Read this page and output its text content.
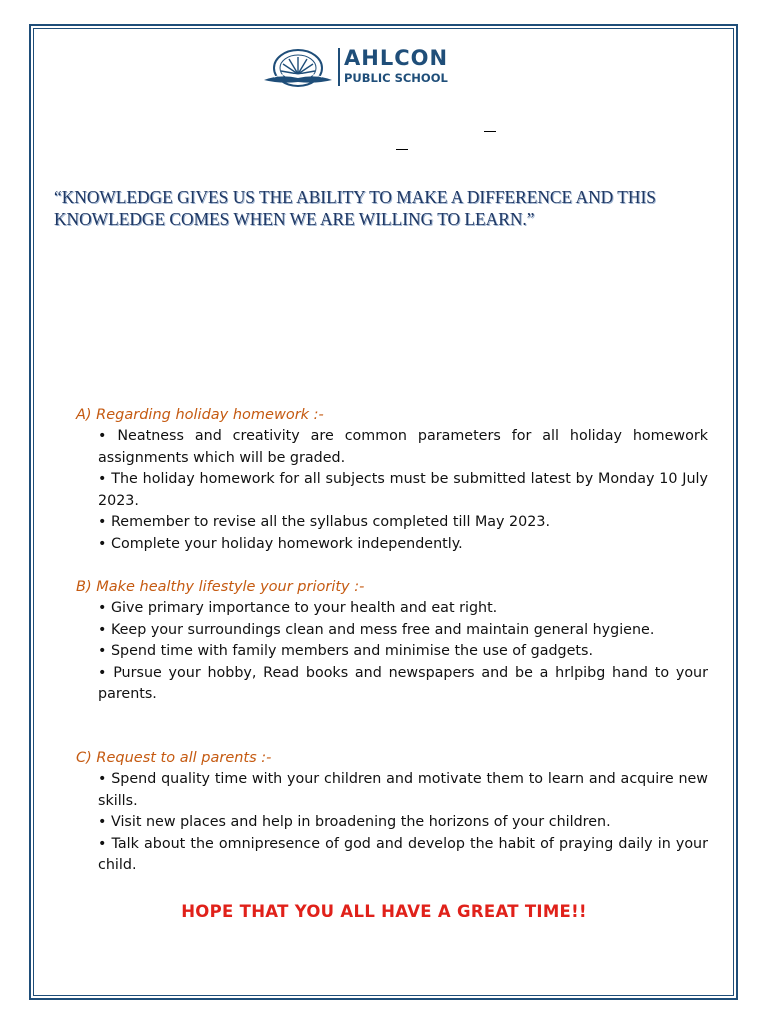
AHLCON
PUBLIC SCHOOL

“KNOWLEDGE GIVES US THE ABILITY TO MAKE A DIFFERENCE AND THIS KNOWLEDGE COMES WHEN WE ARE WILLING TO LEARN.”

A) Regarding holiday homework :-

• Neatness and creativity are common parameters for all holiday homework assignments which will be graded.
• The holiday homework for all subjects must be submitted latest by Monday 10 July 2023.
• Remember to revise all the syllabus completed till May 2023.
• Complete your holiday homework independently.

B) Make healthy lifestyle your priority :-

• Give primary importance to your health and eat right.
• Keep your surroundings clean and mess free and maintain general hygiene.
• Spend time with family members and minimise the use of gadgets.
• Pursue your hobby, Read books and newspapers and be a hrlpibg hand to your parents.

C) Request to all parents :-

• Spend quality time with your children and motivate them to learn and acquire new skills.
• Visit new places and help in broadening the horizons of your children.
• Talk about the omnipresence of god and develop the habit of praying daily in your child.
HOPE THAT YOU ALL HAVE A GREAT TIME!!
